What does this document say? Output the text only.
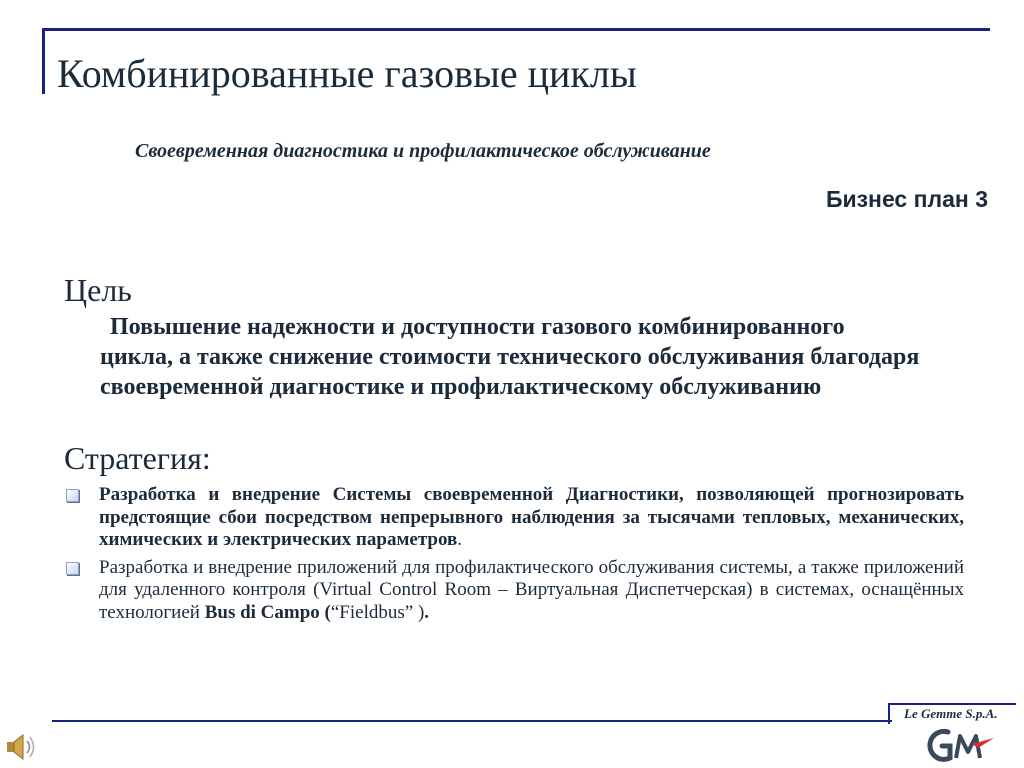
Комбинированные газовые циклы

Своевременная диагностика и профилактическое обслуживание

Бизнес план 3

Цель

Повышение надежности и доступности газового комбинированного цикла, а также снижение стоимости технического обслуживания благодаря своевременной диагностике и профилактическому обслуживанию

Стратегия:

Разработка и внедрение Системы своевременной Диагностики, позволяющей прогнозировать предстоящие сбои посредством непрерывного наблюдения за тысячами тепловых, механических, химических и электрических параметров.

Разработка и внедрение приложений для профилактического обслуживания системы, а также приложений для удаленного контроля (Virtual Control Room – Виртуальная Диспетчерская) в системах, оснащённых технологией Bus di Campo (“Fieldbus” ).

Le Gemme S.p.A.
